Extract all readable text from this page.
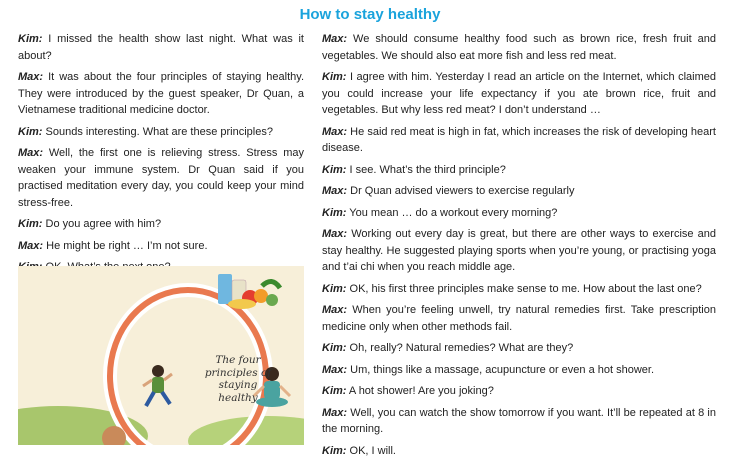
How to stay healthy

Kim: I missed the health show last night. What was it about?

Max: It was about the four principles of staying healthy. They were introduced by the guest speaker, Dr Quan, a Vietnamese traditional medicine doctor.

Kim: Sounds interesting. What are these principles?

Max: Well, the first one is relieving stress. Stress may weaken your immune system. Dr Quan said if you practised meditation every day, you could keep your mind stress-free.

Kim: Do you agree with him?

Max: He might be right … I’m not sure.

The four principles of staying healthy

Max: We should consume healthy food such as brown rice, fresh fruit and vegetables. We should also eat more fish and less red meat.

Kim: I agree with him. Yesterday I read an article on the Internet, which claimed you could increase your life expectancy if you ate brown rice, fruit and vegetables. But why less red meat? I don’t understand …

Max: He said red meat is high in fat, which increases the risk of developing heart disease.

Kim: I see. What’s the third principle?

Max: Dr Quan advised viewers to exercise regularly

Kim: You mean … do a workout every morning?

Max: Working out every day is great, but there are other ways to exercise and stay healthy. He suggested playing sports when you’re young, or practising yoga and t’ai chi when you reach middle age.

Kim: OK, his first three principles make sense to me. How about the last one?

Max: When you’re feeling unwell, try natural remedies first. Take prescription medicine only when other methods fail.

Kim: Oh, really? Natural remedies? What are they?

Max: Um, things like a massage, acupuncture or even a hot shower.

Kim: A hot shower! Are you joking?

Max: Well, you can watch the show tomorrow if you want. It’ll be repeated at 8 in the morning.

Kim: OK, I will.
